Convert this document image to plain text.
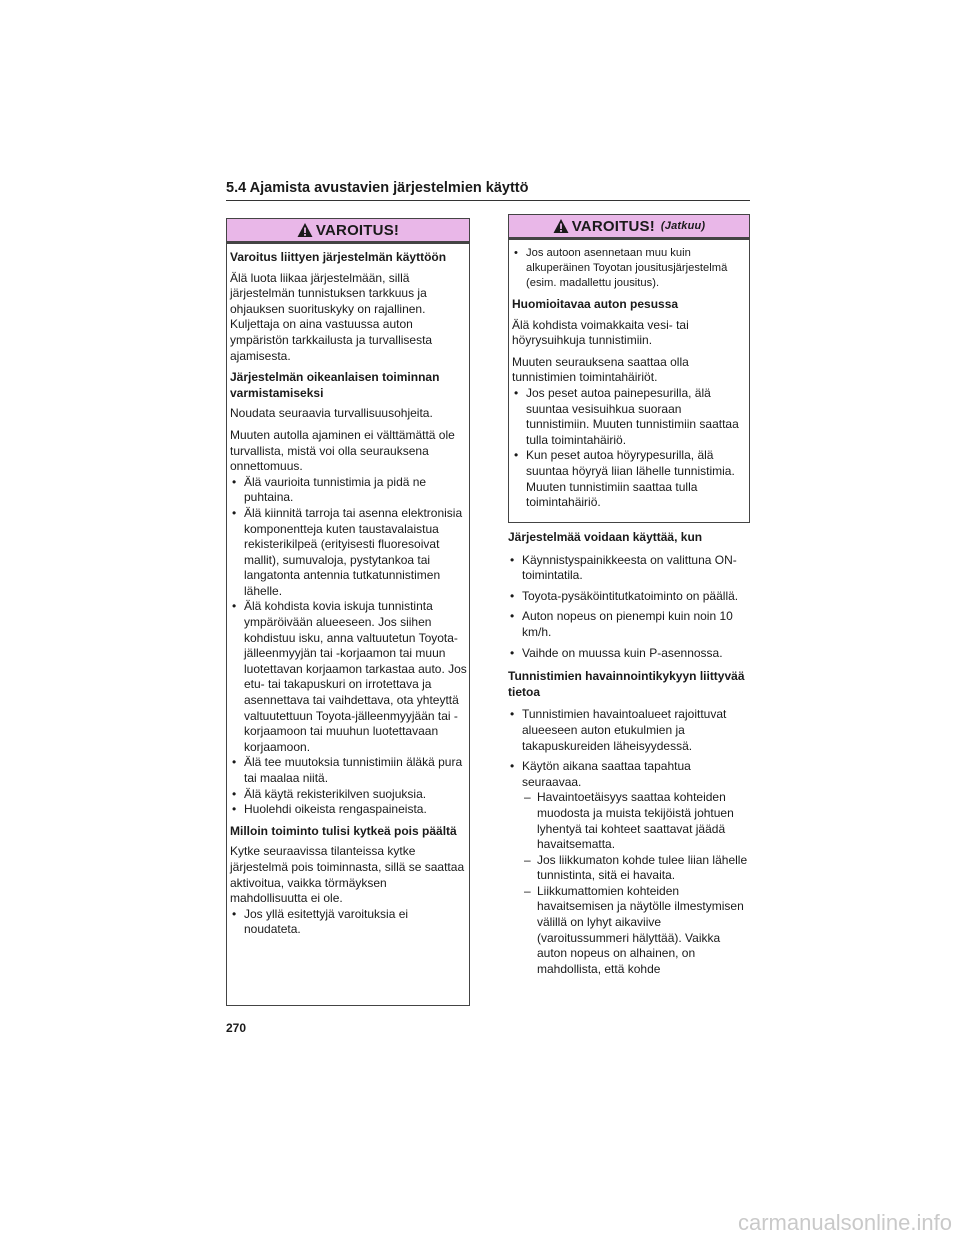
5.4 Ajamista avustavien järjestelmien käyttö
VAROITUS!

Varoitus liittyen järjestelmän käyttöön

Älä luota liikaa järjestelmään, sillä järjestelmän tunnistuksen tarkkuus ja ohjauksen suorituskyky on rajallinen. Kuljettaja on aina vastuussa auton ympäristön tarkkailusta ja turvallisesta ajamisesta.

Järjestelmän oikeanlaisen toiminnan varmistamiseksi

Noudata seuraavia turvallisuusohjeita.

Muuten autolla ajaminen ei välttämättä ole turvallista, mistä voi olla seurauksena onnettomuus.

• Älä vaurioita tunnistimia ja pidä ne puhtaina.
• Älä kiinnitä tarroja tai asenna elektronisia komponentteja kuten taustavalaistua rekisterikilpeä (erityisesti fluoresoivat mallit), sumuvaloja, pystytankoa tai langatonta antennia tutkatunnistimen lähelle.
• Älä kohdista kovia iskuja tunnistinta ympäröivään alueeseen. Jos siihen kohdistuu isku, anna valtuutetun Toyota-jälleenmyyjän tai -korjaamon tai muun luotettavan korjaamon tarkastaa auto. Jos etu- tai takapuskuri on irrotettava ja asennettava tai vaihdettava, ota yhteyttä valtuutettuun Toyota-jälleenmyyjään tai -korjaamoon tai muuhun luotettavaan korjaamoon.
• Älä tee muutoksia tunnistimiin äläkä pura tai maalaa niitä.
• Älä käytä rekisterikilven suojuksia.
• Huolehdi oikeista rengaspaineista.

Milloin toiminto tulisi kytkeä pois päältä

Kytke seuraavissa tilanteissa kytke järjestelmä pois toiminnasta, sillä se saattaa aktivoitua, vaikka törmäyksen mahdollisuutta ei ole.

• Jos yllä esitettyjä varoituksia ei noudateta.
VAROITUS! (Jatkuu)
• Jos autoon asennetaan muu kuin alkuperäinen Toyotan jousitusjärjestelmä (esim. madallettu jousitus).

Huomioitavaa auton pesussa

Älä kohdista voimakkaita vesi- tai höyrysuihkuja tunnistimiin.

Muuten seurauksena saattaa olla tunnistimien toimintahäiriöt.

• Jos peset autoa painepesurilla, älä suuntaa vesisuihkua suoraan tunnistimiin. Muuten tunnistimiin saattaa tulla toimintahäiriö.
• Kun peset autoa höyrypesurilla, älä suuntaa höyryä liian lähelle tunnistimia. Muuten tunnistimiin saattaa tulla toimintahäiriö.

Järjestelmää voidaan käyttää, kun

• Käynnistyspainikkeesta on valittuna ON-toimintatila.
• Toyota-pysäköintitutkatoiminto on päällä.
• Auton nopeus on pienempi kuin noin 10 km/h.
• Vaihde on muussa kuin P-asennossa.

Tunnistimien havainnointikykyyn liittyvää tietoa

• Tunnistimien havaintoalueet rajoittuvat alueeseen auton etukulmien ja takapuskureiden läheisyydessä.
• Käytön aikana saattaa tapahtua seuraavaa.
– Havaintoetäisyys saattaa kohteiden muodosta ja muista tekijöistä johtuen lyhentyä tai kohteet saattavat jäädä havaitsematta.
– Jos liikkumaton kohde tulee liian lähelle tunnistinta, sitä ei havaita.
– Liikkumattomien kohteiden havaitsemisen ja näytölle ilmestymisen välillä on lyhyt aikaviive (varoitussummeri hälyttää). Vaikka auton nopeus on alhainen, on mahdollista, että kohde
270
carmanualsonline.info
